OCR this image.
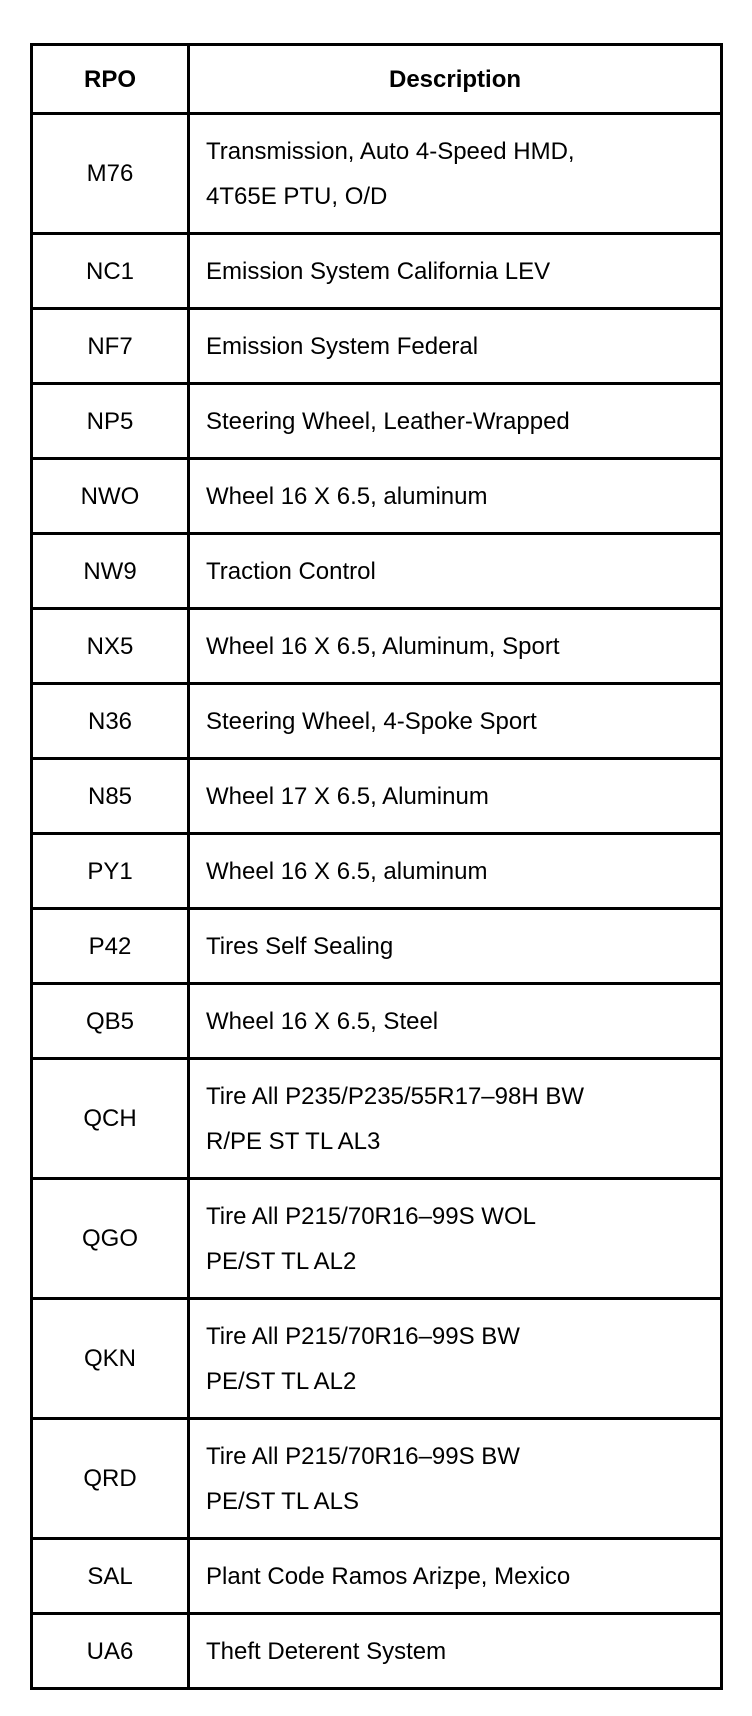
RPO	Description
M76	Transmission, Auto 4-Speed HMD,
4T65E PTU, O/D

NC1	Emission System California LEV

NF7	Emission System Federal

NP5	Steering Wheel, Leather-Wrapped

NWO	Wheel 16 X 6.5, aluminum

NW9	Traction Control

NX5	Wheel 16 X 6.5, Aluminum, Sport

N36	Steering Wheel, 4-Spoke Sport

N85	Wheel 17 X 6.5, Aluminum

PY1	Wheel 16 X 6.5, aluminum

P42	Tires Self Sealing

QB5	Wheel 16 X 6.5, Steel

QCH	Tire All P235/P235/55R17–98H BW
R/PE ST TL AL3

QGO	Tire All P215/70R16–99S WOL
PE/ST TL AL2

QKN	Tire All P215/70R16–99S BW
PE/ST TL AL2

QRD	Tire All P215/70R16–99S BW
PE/ST TL ALS

SAL	Plant Code Ramos Arizpe, Mexico

UA6	Theft Deterent System
